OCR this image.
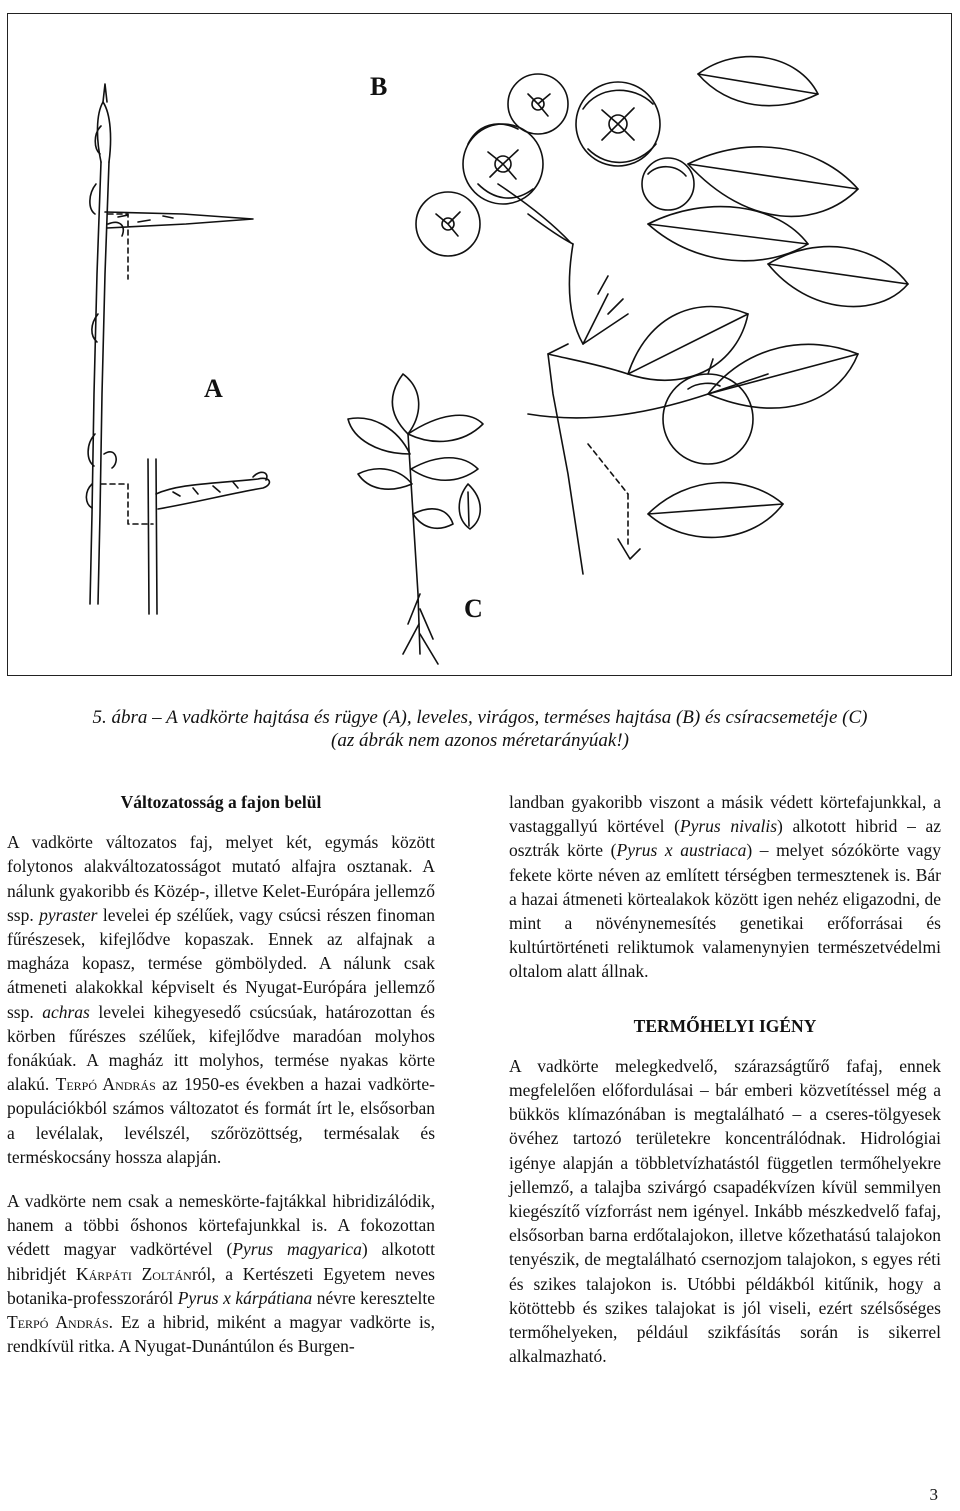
B
A
C
5. ábra – A vadkörte hajtása és rügye (A), leveles, virágos, terméses hajtása (B) és csíracsemetéje (C)
(az ábrák nem azonos méretarányúak!)
Változatosság a fajon belül

A vadkörte változatos faj, melyet két, egymás között folytonos alakváltozatosságot mutató alfajra osztanak. A nálunk gyakoribb és Közép-, illetve Kelet-Európára jellemző ssp. pyraster levelei ép szélűek, vagy csúcsi részen finoman fűrészesek, kifejlődve kopaszak. Ennek az alfajnak a magháza kopasz, termése gömbölyded. A nálunk csak átmeneti alakokkal képviselt és Nyugat-Európára jellemző ssp. achras levelei kihegyesedő csúcsúak, határozottan és körben fűrészes szélűek, kifejlődve maradóan molyhos fonákúak. A magház itt molyhos, termése nyakas körte alakú. Terpó András az 1950-es években a hazai vadkörte-populációkból számos változatot és formát írt le, elsősorban a levélalak, levélszél, szőrözöttség, termésalak és terméskocsány hossza alapján.

A vadkörte nem csak a nemeskörte-fajtákkal hibridizálódik, hanem a többi őshonos körtefajunkkal is. A fokozottan védett magyar vadkörtével (Pyrus magyarica) alkotott hibridjét Kárpáti Zoltánról, a Kertészeti Egyetem neves botanika-professzoráról Pyrus x kárpátiana névre keresztelte Terpó András. Ez a hibrid, miként a magyar vadkörte is, rendkívül ritka. A Nyugat-Dunántúlon és Burgen-

landban gyakoribb viszont a másik védett körtefajunkkal, a vastaggallyú körtével (Pyrus nivalis) alkotott hibrid – az osztrák körte (Pyrus x austriaca) – melyet sózókörte vagy fekete körte néven az említett térségben termesztenek is. Bár a hazai átmeneti körtealakok között igen nehéz eligazodni, de mint a növénynemesítés genetikai erőforrásai és kultúrtörténeti reliktumok valamenynyien természetvédelmi oltalom alatt állnak.

TERMŐHELYI IGÉNY

A vadkörte melegkedvelő, szárazságtűrő fafaj, ennek megfelelően előfordulásai – bár emberi közvetítéssel még a bükkös klímazónában is megtalálható – a cseres-tölgyesek övéhez tartozó területekre koncentrálódnak. Hidrológiai igénye alapján a többletvízhatástól független termőhelyekre jellemző, a talajba szivárgó csapadékvízen kívül semmilyen kiegészítő vízforrást nem igényel. Inkább mészkedvelő fafaj, elsősorban barna erdőtalajokon, illetve kőzethatású talajokon tenyészik, de megtalálható csernozjom talajokon, s egyes réti és szikes talajokon is. Utóbbi példákból kitűnik, hogy a kötöttebb és szikes talajokat is jól viseli, ezért szélsőséges termőhelyeken, például szikfásítás során is sikerrel alkalmazható.

3
